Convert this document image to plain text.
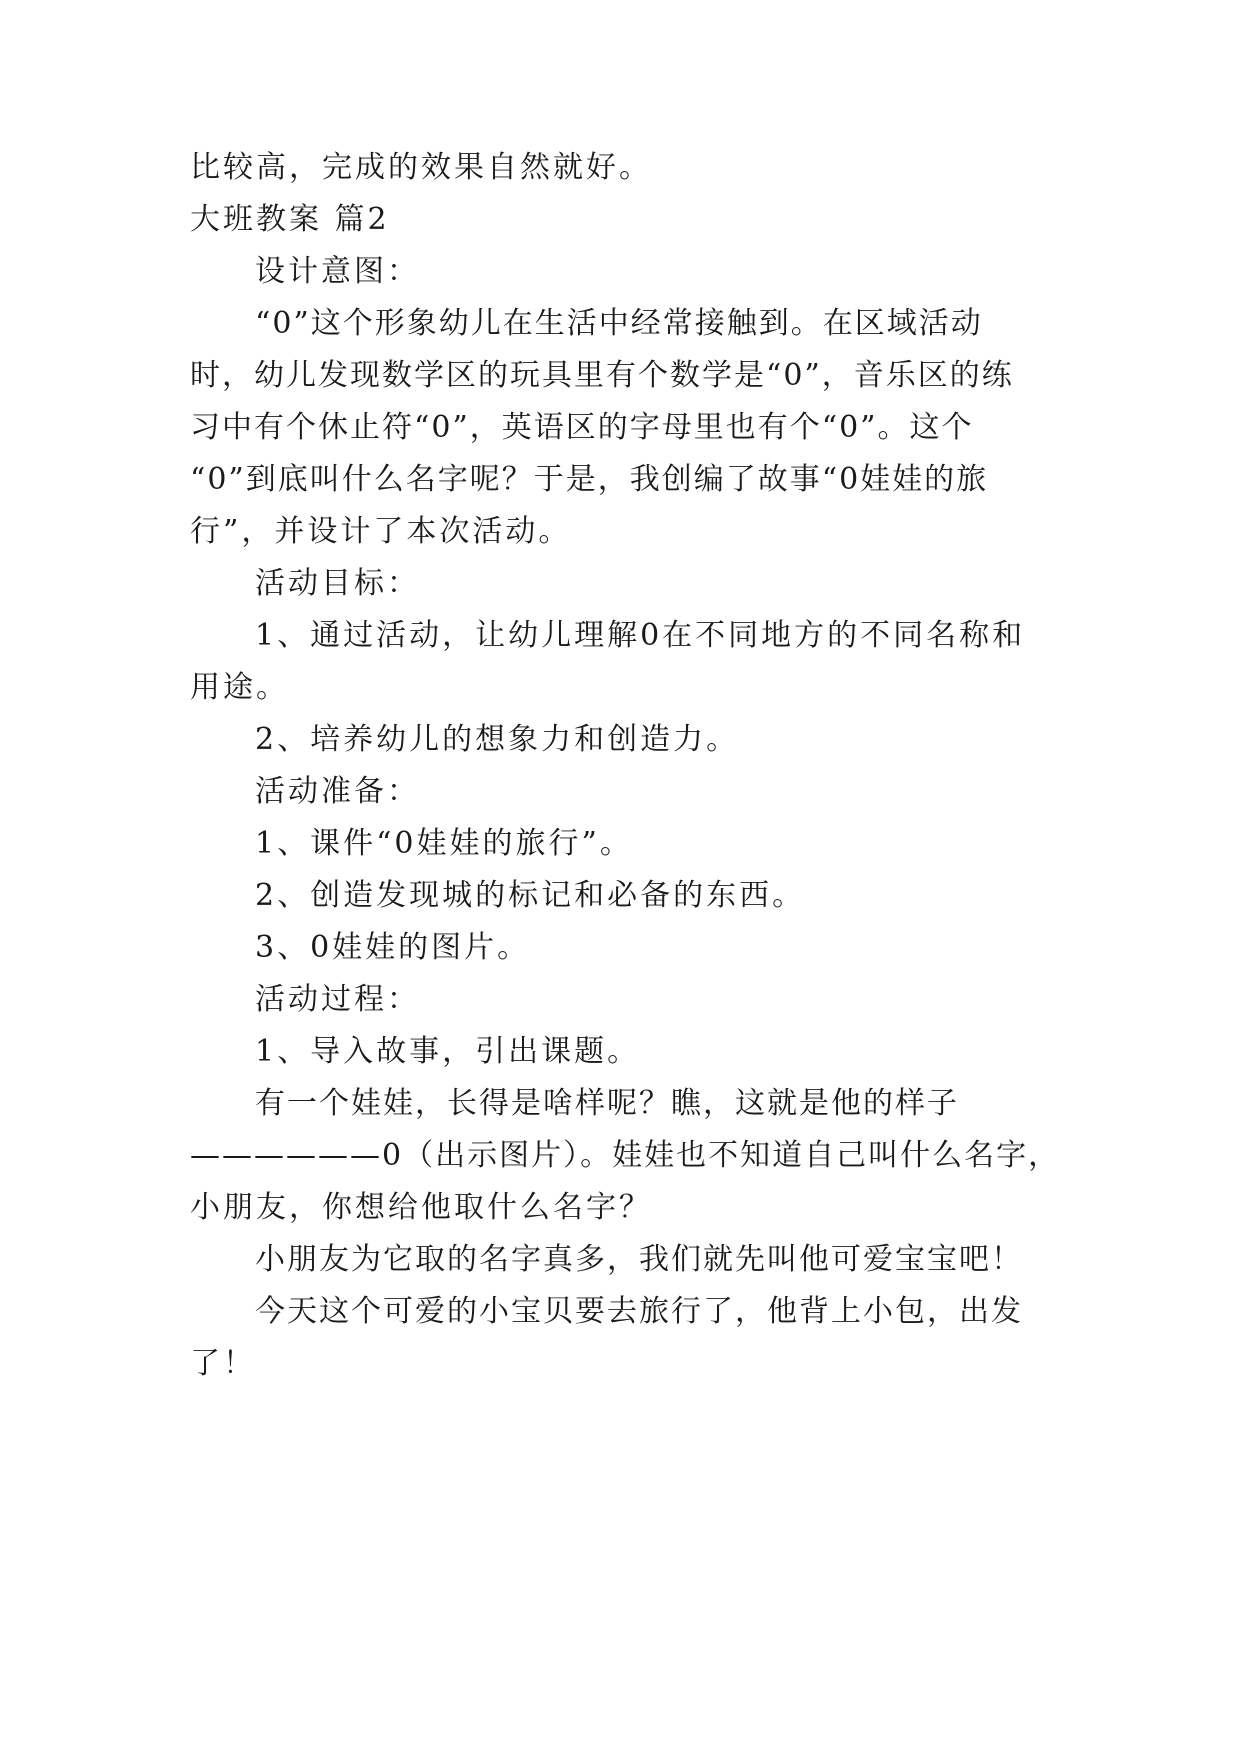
比较高，完成的效果自然就好。
大班教案 篇2
设计意图：
“0”这个形象幼儿在生活中经常接触到。在区域活动
时，幼儿发现数学区的玩具里有个数学是“0”，音乐区的练
习中有个休止符“0”，英语区的字母里也有个“0”。这个
“0”到底叫什么名字呢？于是，我创编了故事“0娃娃的旅
行”，并设计了本次活动。
活动目标：
1、通过活动，让幼儿理解0在不同地方的不同名称和
用途。
2、培养幼儿的想象力和创造力。
活动准备：
1、课件“0娃娃的旅行”。
2、创造发现城的标记和必备的东西。
3、0娃娃的图片。
活动过程：
1、导入故事，引出课题。
有一个娃娃，长得是啥样呢？瞧，这就是他的样子
——————0（出示图片）。娃娃也不知道自己叫什么名字，
小朋友，你想给他取什么名字？
小朋友为它取的名字真多，我们就先叫他可爱宝宝吧！
今天这个可爱的小宝贝要去旅行了，他背上小包，出发
了！
